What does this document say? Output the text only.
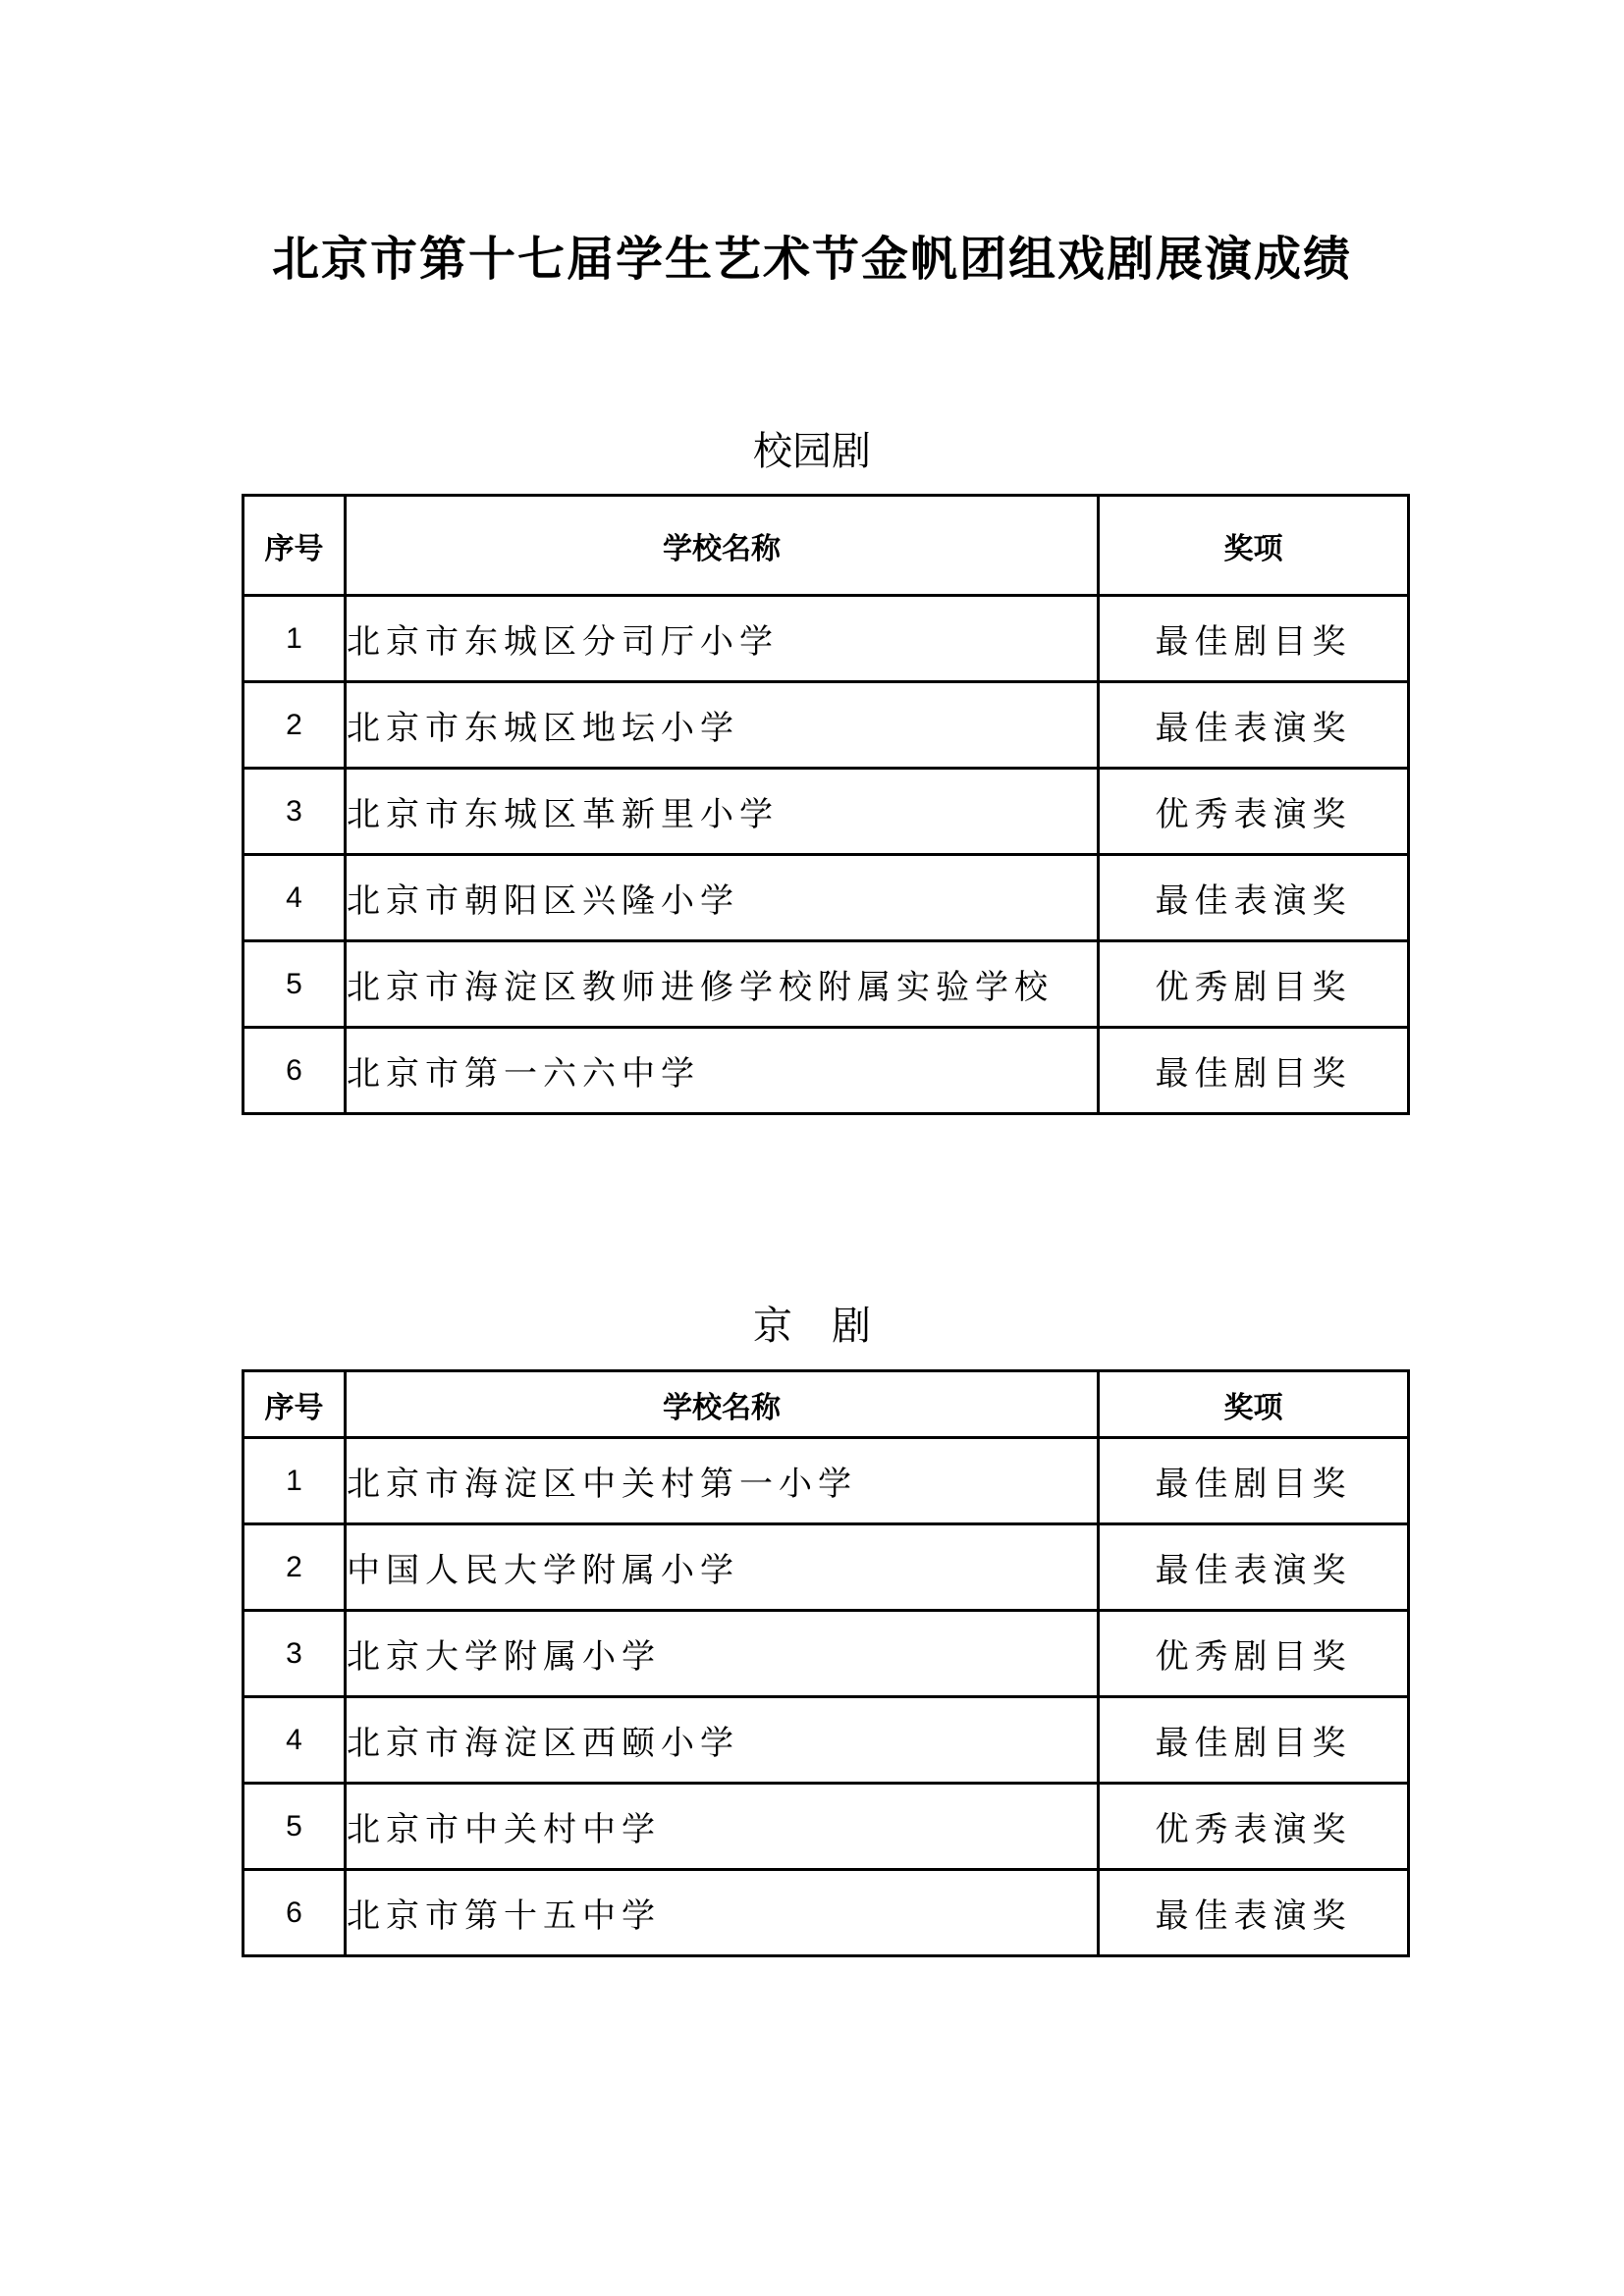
北京市第十七届学生艺术节金帆团组戏剧展演成绩
校园剧
序号	学校名称	奖项
1	北京市东城区分司厅小学	最佳剧目奖
2	北京市东城区地坛小学	最佳表演奖
3	北京市东城区革新里小学	优秀表演奖
4	北京市朝阳区兴隆小学	最佳表演奖
5	北京市海淀区教师进修学校附属实验学校	优秀剧目奖
6	北京市第一六六中学	最佳剧目奖
京　剧
序号	学校名称	奖项
1	北京市海淀区中关村第一小学	最佳剧目奖
2	中国人民大学附属小学	最佳表演奖
3	北京大学附属小学	优秀剧目奖
4	北京市海淀区西颐小学	最佳剧目奖
5	北京市中关村中学	优秀表演奖
6	北京市第十五中学	最佳表演奖
